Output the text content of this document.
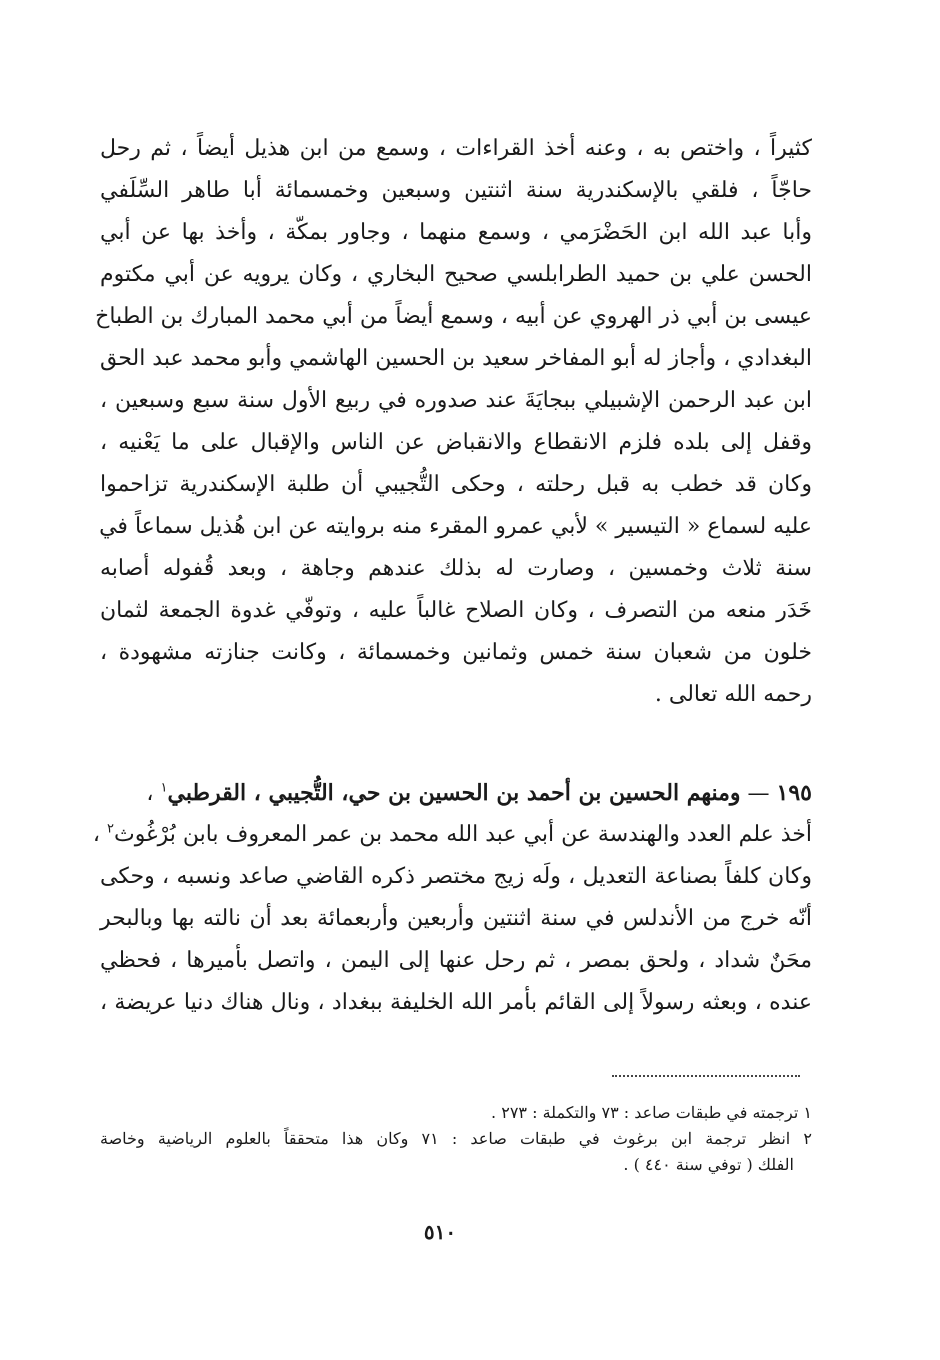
كثيراً ، واختص به ، وعنه أخذ القراءات ، وسمع من ابن هذيل أيضاً ، ثم رحل
حاجّاً ، فلقي بالإسكندرية سنة اثنتين وسبعين وخمسمائة أبا طاهر السِّلَفي
وأبا عبد الله ابن الحَضْرَمي ، وسمع منهما ، وجاور بمكّة ، وأخذ بها عن أبي
الحسن علي بن حميد الطرابلسي صحيح البخاري ، وكان يرويه عن أبي مكتوم
عيسى بن أبي ذر الهروي عن أبيه ، وسمع أيضاً من أبي محمد المبارك بن الطباخ
البغدادي ، وأجاز له أبو المفاخر سعيد بن الحسين الهاشمي وأبو محمد عبد الحق
ابن عبد الرحمن الإشبيلي ببجايَةَ عند صدوره في ربيع الأول سنة سبع وسبعين ،
وقفل إلى بلده فلزم الانقطاع والانقباض عن الناس والإقبال على ما يَعْنيه ،
وكان قد خطب به قبل رحلته ، وحكى التُّجيبي أن طلبة الإسكندرية تزاحموا
عليه لسماع « التيسير » لأبي عمرو المقرء منه بروايته عن ابن هُذيل سماعاً في
سنة ثلاث وخمسين ، وصارت له بذلك عندهم وجاهة ، وبعد قُفوله أصابه
خَدَر منعه من التصرف ، وكان الصلاح غالباً عليه ، وتوفّي غدوة الجمعة لثمان
خلون من شعبان سنة خمس وثمانين وخمسمائة ، وكانت جنازته مشهودة ،
رحمه الله تعالى .
١٩٥ — ومنهم الحسين بن أحمد بن الحسين بن حي، التُّجيبي ، القرطبي$^١$ ،
أخذ علم العدد والهندسة عن أبي عبد الله محمد بن عمر المعروف بابن بُرْغُوث$^٢$ ،
وكان كلفاً بصناعة التعديل ، ولَه زيج مختصر ذكره القاضي صاعد ونسبه ، وحكى
أنّه خرج من الأندلس في سنة اثنتين وأربعين وأربعمائة بعد أن نالته بها وبالبحر
محَنٌ شداد ، ولحق بمصر ، ثم رحل عنها إلى اليمن ، واتصل بأميرها ، فحظي
عنده ، وبعثه رسولاً إلى القائم بأمر الله الخليفة ببغداد ، ونال هناك دنيا عريضة ،
١ ترجمته في طبقات صاعد : ٧٣ والتكملة : ٢٧٣ .
٢ انظر ترجمة ابن برغوث في طبقات صاعد : ٧١ وكان هذا متحققاً بالعلوم الرياضية وخاصة
الفلك ( توفي سنة ٤٤٠ ) .
٥١٠
